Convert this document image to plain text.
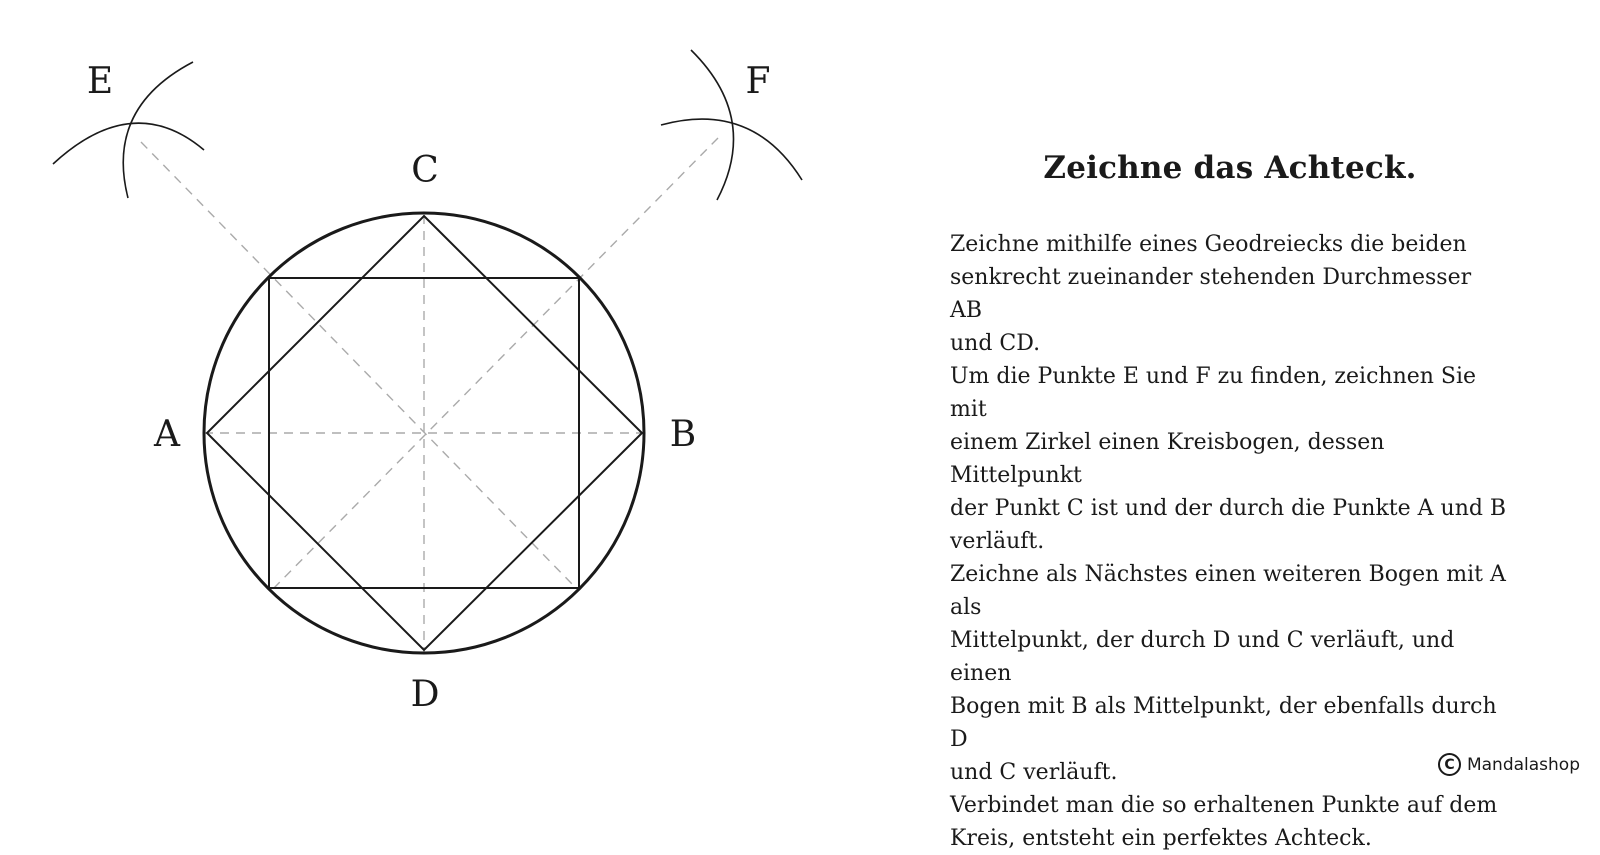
E	F
C
A	B
D
Zeichne das Achteck.

Zeichne mithilfe eines Geodreiecks die beiden

senkrecht zueinander stehenden Durchmesser AB

und CD.

Um die Punkte E und F zu finden, zeichnen Sie mit

einem Zirkel einen Kreisbogen, dessen Mittelpunkt

der Punkt C ist und der durch die Punkte A und B

verläuft.

Zeichne als Nächstes einen weiteren Bogen mit A als

Mittelpunkt, der durch D und C verläuft, und einen

Bogen mit B als Mittelpunkt, der ebenfalls durch D

und C verläuft.

Verbindet man die so erhaltenen Punkte auf dem

Kreis, entsteht ein perfektes Achteck.

C Mandalashop
